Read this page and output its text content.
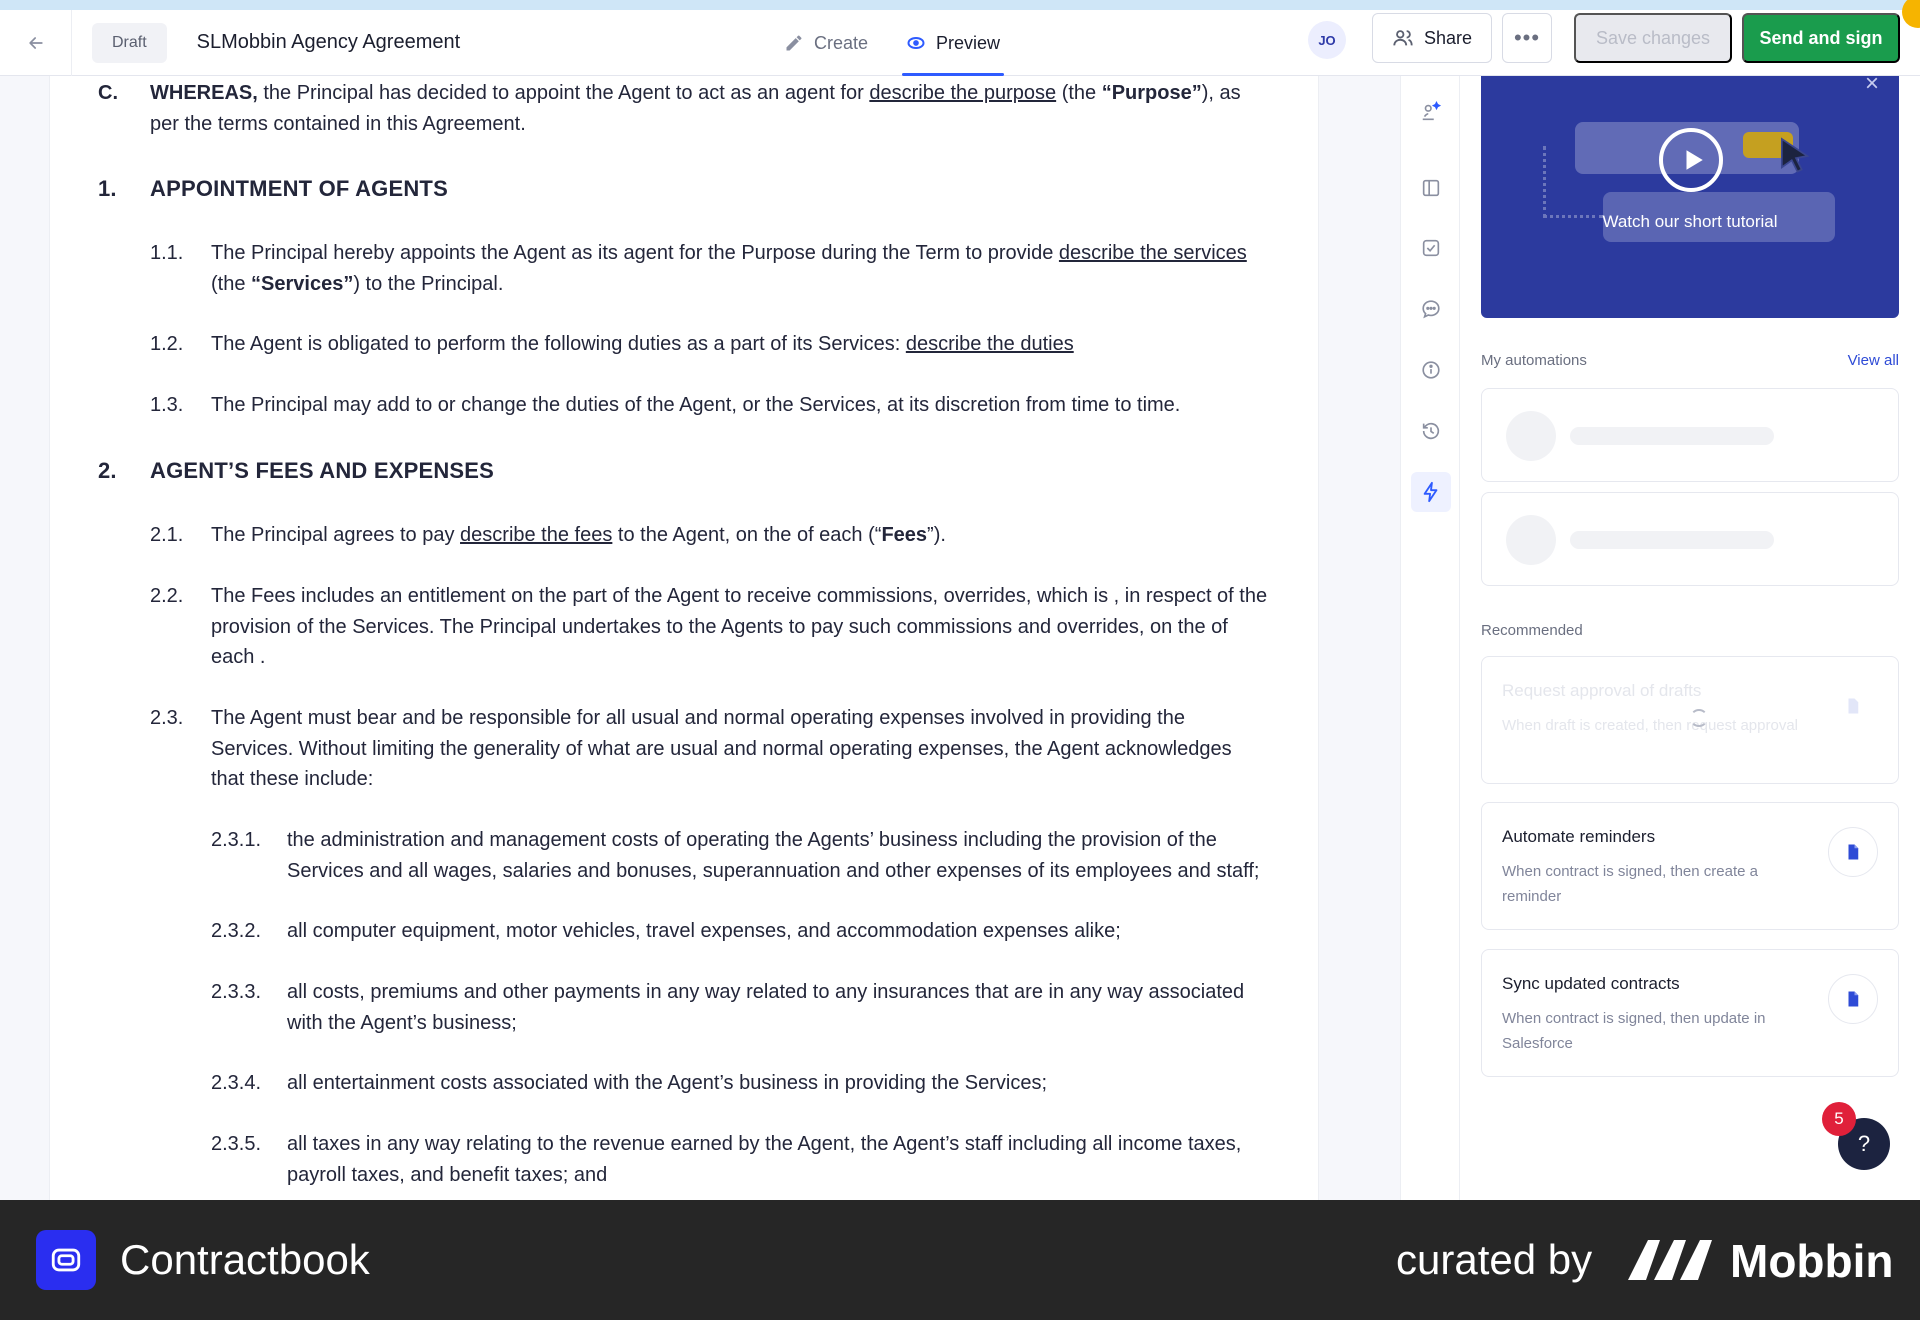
Draft	SLMobbin Agency Agreement	Create	Preview	JO	Share	•••	Save changes	Send and sign
C. WHEREAS, the Principal has decided to appoint the Agent to act as an agent for describe the purpose (the “Purpose”), as
per the terms contained in this Agreement.
1. APPOINTMENT OF AGENTS
1.1. The Principal hereby appoints the Agent as its agent for the Purpose during the Term to provide describe the services
(the “Services”) to the Principal.
1.2. The Agent is obligated to perform the following duties as a part of its Services: describe the duties
1.3. The Principal may add to or change the duties of the Agent, or the Services, at its discretion from time to time.
2. AGENT’S FEES AND EXPENSES
2.1. The Principal agrees to pay describe the fees to the Agent, on the of each (“Fees”).
2.2. The Fees includes an entitlement on the part of the Agent to receive commissions, overrides, which is , in respect of the
provision of the Services. The Principal undertakes to the Agents to pay such commissions and overrides, on the of
each .
2.3. The Agent must bear and be responsible for all usual and normal operating expenses involved in providing the
Services. Without limiting the generality of what are usual and normal operating expenses, the Agent acknowledges
that these include:
2.3.1. the administration and management costs of operating the Agents’ business including the provision of the
Services and all wages, salaries and bonuses, superannuation and other expenses of its employees and staff;
2.3.2. all computer equipment, motor vehicles, travel expenses, and accommodation expenses alike;
2.3.3. all costs, premiums and other payments in any way related to any insurances that are in any way associated
with the Agent’s business;
2.3.4. all entertainment costs associated with the Agent’s business in providing the Services;
2.3.5. all taxes in any way relating to the revenue earned by the Agent, the Agent’s staff including all income taxes,
payroll taxes, and benefit taxes; and
Watch our short tutorial
×
My automations	View all
Recommended
Request approval of drafts
When draft is created, then request approval
Automate reminders
When contract is signed, then create a reminder
Sync updated contracts
When contract is signed, then update in Salesforce
?
5
Contractbook	curated by	Mobbin
